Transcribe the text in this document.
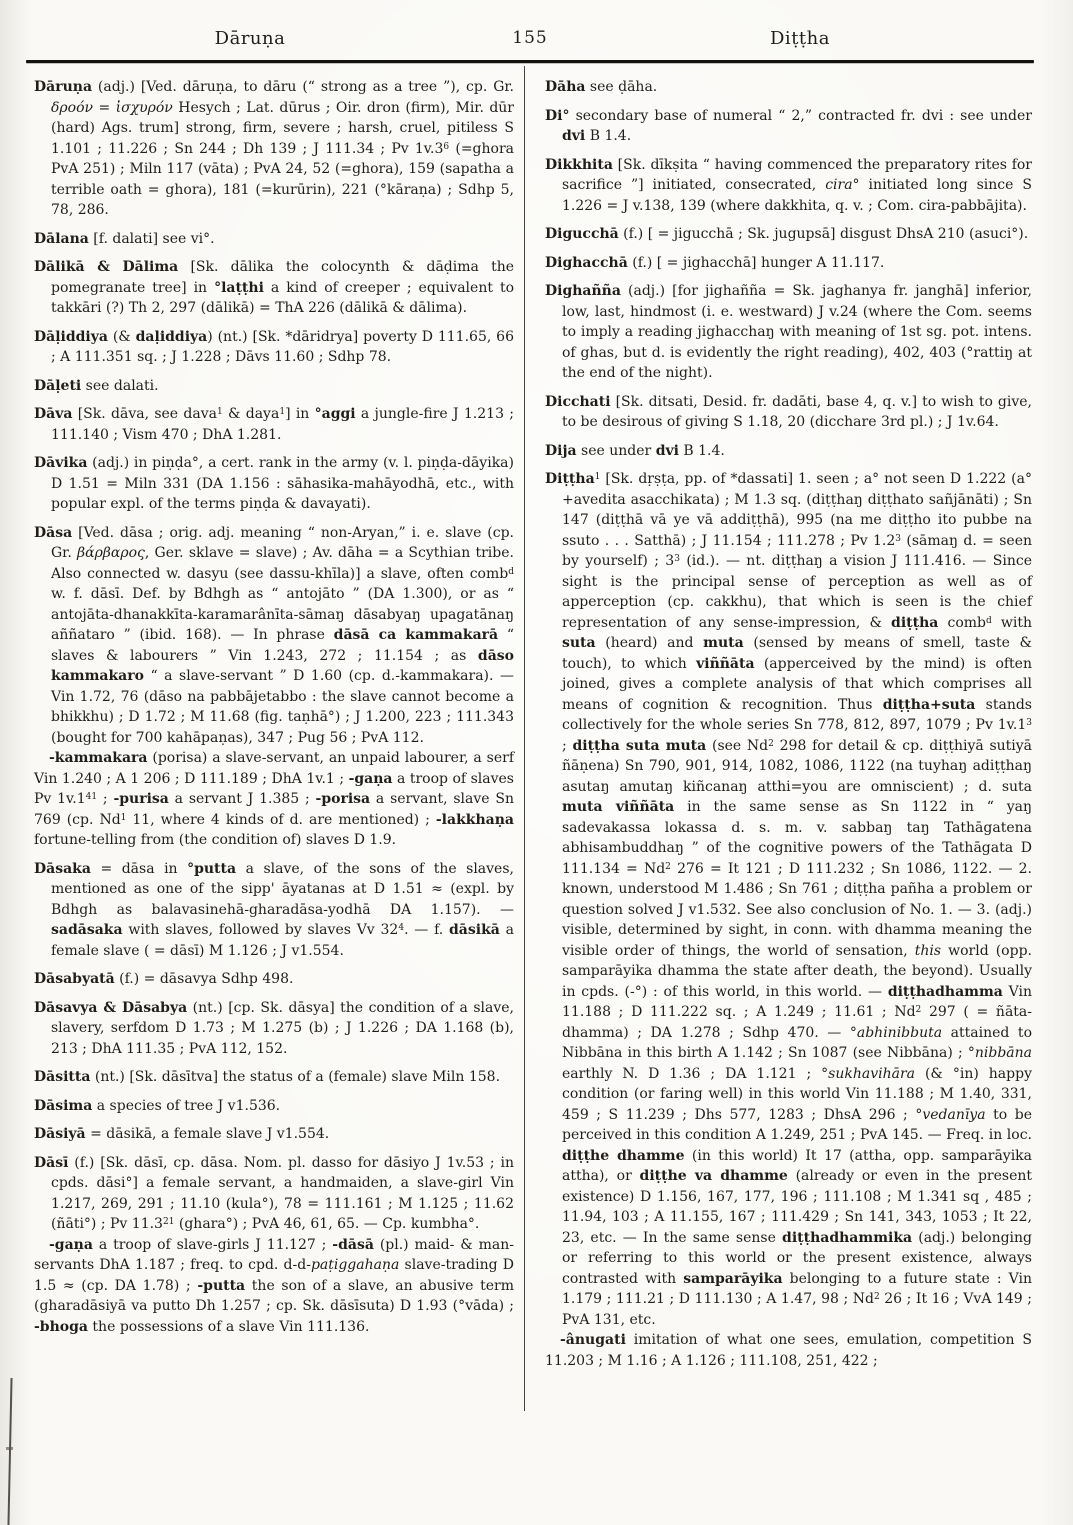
Dāruṇa	155	Diṭṭha

Dāruṇa (adj.) [Ved. dāruṇa, to dāru (“ strong as a tree ”), cp. Gr. δροόν = ἰσχυρόν Hesych ; Lat. dūrus ; Oir. dron (firm), Mir. dūr (hard) Ags. trum] strong, firm, severe ; harsh, cruel, pitiless S 1.101 ; 11.226 ; Sn 244 ; Dh 139 ; J 111.34 ; Pv $1v.3^6$ (=ghora PvA 251) ; Miln 117 (vāta) ; PvA 24, 52 (=ghora), 159 (sapatha a terrible oath = ghora), 181 (=kurūrin), 221 (°kāraṇa) ; Sdhp 5, 78, 286.

Dālana [f. dalati] see vi°.

Dālikā & Dālima [Sk. dālika the colocynth & dāḍima the pomegranate tree] in °laṭṭhi a kind of creeper ; equivalent to takkāri (?) Th 2, 297 (dālikā) = ThA 226 (dālikā & dālima).

Dāḷiddiya (& daḷiddiya) (nt.) [Sk. *dāridrya] poverty D 111.65, 66 ; A 111.351 sq. ; J 1.228 ; Dāvs 11.60 ; Sdhp 78.

Dāḷeti see dalati.

Dāva [Sk. dāva, see dava$^1$ & daya$^1$] in °aggi a jungle-fire J 1.213 ; 111.140 ; Vism 470 ; DhA 1.281.

Dāvika (adj.) in piṇḍa°, a cert. rank in the army (v. l. piṇḍa-dāyika) D 1.51 = Miln 331 (DA 1.156 : sāhasika-mahāyodhā, etc., with popular expl. of the terms piṇḍa & davayati).

Dāsa [Ved. dāsa ; orig. adj. meaning “ non-Aryan,” i. e. slave (cp. Gr. βάρβαρος, Ger. sklave = slave) ; Av. dāha = a Scythian tribe. Also connected w. dasyu (see dassu-khīla)] a slave, often comb$^d$ w. f. dāsī. Def. by Bdhgh as “ antojāto ” (DA 1.300), or as “ antojāta-dhanakkīta-karamarânīta-sāmaŋ dāsabyaŋ upagatānaŋ aññataro ” (ibid. 168). — In phrase dāsā ca kammakarā “ slaves & labourers ” Vin 1.243, 272 ; 11.154 ; as dāso kammakaro “ a slave-servant ” D 1.60 (cp. d.-kammakara). — Vin 1.72, 76 (dāso na pabbājetabbo : the slave cannot become a bhikkhu) ; D 1.72 ; M 11.68 (fig. taṇhā°) ; J 1.200, 223 ; 111.343 (bought for 700 kahāpaṇas), 347 ; Pug 56 ; PvA 112.

-kammakara (porisa) a slave-servant, an unpaid labourer, a serf Vin 1.240 ; A 1 206 ; D 111.189 ; DhA 1v.1 ; -gaṇa a troop of slaves Pv $1v.1^{41}$ ; -purisa a servant J 1.385 ; -porisa a servant, slave Sn 769 (cp. Nd$^1$ 11, where 4 kinds of d. are mentioned) ; -lakkhaṇa fortune-telling from (the condition of) slaves D 1.9.

Dāsaka = dāsa in °putta a slave, of the sons of the slaves, mentioned as one of the sipp' āyatanas at D 1.51 ≈ (expl. by Bdhgh as balavasinehā-gharadāsa-yodhā DA 1.157). — sadāsaka with slaves, followed by slaves Vv $32^4$. — f. dāsikā a female slave ( = dāsī) M 1.126 ; J v1.554.

Dāsabyatā (f.) = dāsavya Sdhp 498.

Dāsavya & Dāsabya (nt.) [cp. Sk. dāsya] the condition of a slave, slavery, serfdom D 1.73 ; M 1.275 (b) ; J 1.226 ; DA 1.168 (b), 213 ; DhA 111.35 ; PvA 112, 152.

Dāsitta (nt.) [Sk. dāsītva] the status of a (female) slave Miln 158.

Dāsima a species of tree J v1.536.

Dāsiyā = dāsikā, a female slave J v1.554.

Dāsī (f.) [Sk. dāsī, cp. dāsa. Nom. pl. dasso for dāsiyo J 1v.53 ; in cpds. dāsi°] a female servant, a handmaiden, a slave-girl Vin 1.217, 269, 291 ; 11.10 (kula°), 78 = 111.161 ; M 1.125 ; 11.62 (ñāti°) ; Pv 11.3$^{21}$ (ghara°) ; PvA 46, 61, 65. — Cp. kumbha°.

-gaṇa a troop of slave-girls J 11.127 ; -dāsā (pl.) maid- & man-servants DhA 1.187 ; freq. to cpd. d-d-paṭiggahaṇa slave-trading D 1.5 ≈ (cp. DA 1.78) ; -putta the son of a slave, an abusive term (gharadāsiyā va putto Dh 1.257 ; cp. Sk. dāsīsuta) D 1.93 (°vāda) ; -bhoga the possessions of a slave Vin 111.136.

Dāha see ḍāha.

Di° secondary base of numeral “ 2,” contracted fr. dvi : see under dvi B 1.4.

Dikkhita [Sk. dīkṣita “ having commenced the preparatory rites for sacrifice ”] initiated, consecrated, cira° initiated long since S 1.226 = J v.138, 139 (where dakkhita, q. v. ; Com. cira-pabbājita).

Digucchā (f.) [ = jigucchā ; Sk. jugupsā] disgust DhsA 210 (asuci°).

Dighacchā (f.) [ = jighacchā] hunger A 11.117.

Dighañña (adj.) [for jighañña = Sk. jaghanya fr. janghā] inferior, low, last, hindmost (i. e. westward) J v.24 (where the Com. seems to imply a reading jighacchaŋ with meaning of 1st sg. pot. intens. of ghas, but d. is evidently the right reading), 402, 403 (°rattiŋ at the end of the night).

Dicchati [Sk. ditsati, Desid. fr. dadāti, base 4, q. v.] to wish to give, to be desirous of giving S 1.18, 20 (dicchare 3rd pl.) ; J 1v.64.

Dija see under dvi B 1.4.

Diṭṭha$^1$ [Sk. dṛṣṭa, pp. of *dassati] 1. seen ; a° not seen D 1.222 (a°+avedita asacchikata) ; M 1.3 sq. (diṭṭhaŋ diṭṭhato sañjānāti) ; Sn 147 (diṭṭhā vā ye vā addiṭṭhā), 995 (na me diṭṭho ito pubbe na ssuto . . . Satthā) ; J 11.154 ; 111.278 ; Pv $1.2^3$ (sāmaŋ d. = seen by yourself) ; $3^3$ (id.). — nt. diṭṭhaŋ a vision J 111.416. — Since sight is the principal sense of perception as well as of apperception (cp. cakkhu), that which is seen is the chief representation of any sense-impression, & diṭṭha comb$^d$ with suta (heard) and muta (sensed by means of smell, taste & touch), to which viññāta (apperceived by the mind) is often joined, gives a complete analysis of that which comprises all means of cognition & recognition. Thus diṭṭha+suta stands collectively for the whole series Sn 778, 812, 897, 1079 ; Pv $1v.1^3$ ; diṭṭha suta muta (see Nd$^2$ 298 for detail & cp. diṭṭhiyā sutiyā ñāṇena) Sn 790, 901, 914, 1082, 1086, 1122 (na tuyhaŋ adiṭṭhaŋ asutaŋ amutaŋ kiñcanaŋ atthi=you are omniscient) ; d. suta muta viññāta in the same sense as Sn 1122 in “ yaŋ sadevakassa lokassa d. s. m. v. sabbaŋ taŋ Tathāgatena abhisambuddhaŋ ” of the cognitive powers of the Tathāgata D $111.134 = Nd^2$ 276 = It 121 ; D 111.232 ; Sn 1086, 1122. — 2. known, understood M 1.486 ; Sn 761 ; diṭṭha pañha a problem or question solved J v1.532. See also conclusion of No. 1. — 3. (adj.) visible, determined by sight, in conn. with dhamma meaning the visible order of things, the world of sensation, this world (opp. samparāyika dhamma the state after death, the beyond). Usually in cpds. (-°) : of this world, in this world. — diṭṭhadhamma Vin 11.188 ; D 111.222 sq. ; A 1.249 ; 11.61 ; Nd$^2$ 297 ( = ñāta-dhamma) ; DA 1.278 ; Sdhp 470. — °abhinibbuta attained to Nibbāna in this birth A 1.142 ; Sn 1087 (see Nibbāna) ; °nibbāna earthly N. D 1.36 ; DA 1.121 ; °sukhavihāra (& °in) happy condition (or faring well) in this world Vin 11.188 ; M 1.40, 331, 459 ; S 11.239 ; Dhs 577, 1283 ; DhsA 296 ; °vedanīya to be perceived in this condition A 1.249, 251 ; PvA 145. — Freq. in loc. diṭṭhe dhamme (in this world) It 17 (attha, opp. samparāyika attha), or diṭṭhe va dhamme (already or even in the present existence) D 1.156, 167, 177, 196 ; 111.108 ; M 1.341 sq , 485 ; 11.94, 103 ; A 11.155, 167 ; 111.429 ; Sn 141, 343, 1053 ; It 22, 23, etc. — In the same sense diṭṭhadhammika (adj.) belonging or referring to this world or the present existence, always contrasted with samparāyika belonging to a future state : Vin 1.179 ; 111.21 ; D 111.130 ; A 1.47, 98 ; Nd$^2$ 26 ; It 16 ; VvA 149 ; PvA 131, etc.

-ânugati imitation of what one sees, emulation, competition S 11.203 ; M 1.16 ; A 1.126 ; 111.108, 251, 422 ;
